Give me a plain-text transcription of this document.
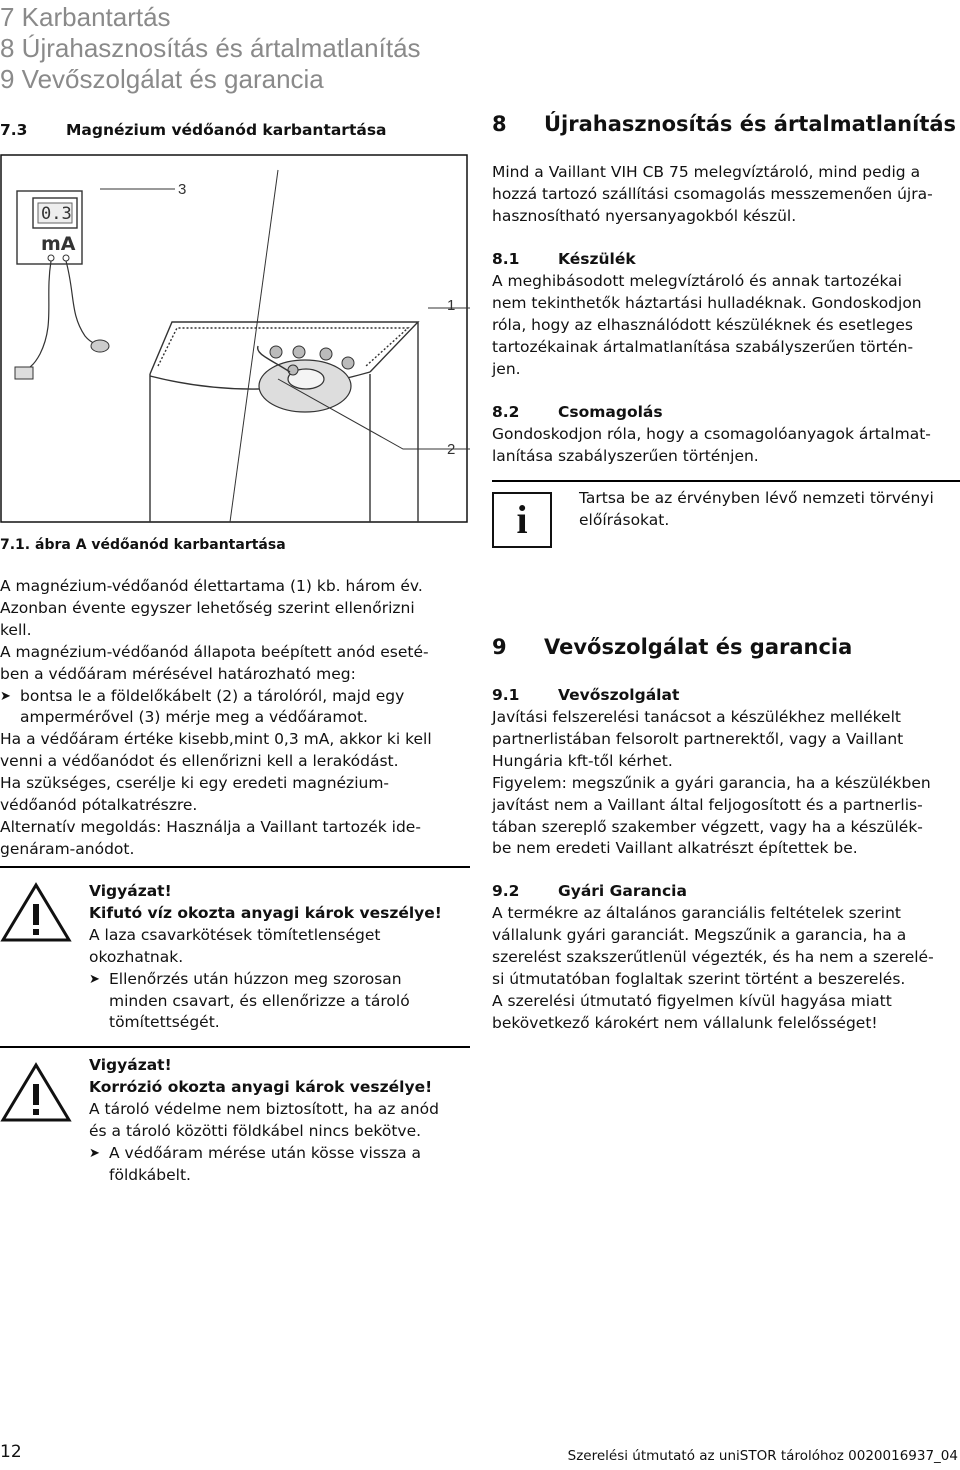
7 Karbantartás
8 Újrahasznosítás és ártalmatlanítás
9 Vevőszolgálat és garancia
7.3 Magnézium védőanód karbantartása
0.3
mA
3
1
2
7.1. ábra A védőanód karbantartása
A magnézium-védőanód élettartama (1) kb. három év.
Azonban évente egyszer lehetőség szerint ellenőrizni
kell.
A magnézium-védőanód állapota beépített anód eseté-
ben a védőáram mérésével határozható meg:
➤ bontsa le a földelőkábelt (2) a tárolóról, majd egy
ampermérővel (3) mérje meg a védőáramot.
Ha a védőáram értéke kisebb,mint 0,3 mA, akkor ki kell
venni a védőanódot és ellenőrizni kell a lerakódást.
Ha szükséges, cserélje ki egy eredeti magnézium-
védőanód pótalkatrészre.
Alternatív megoldás: Használja a Vaillant tartozék ide-
genáram-anódot.
Vigyázat!
Kifutó víz okozta anyagi károk veszélye!
A laza csavarkötések tömítetlenséget
okozhatnak.
➤ Ellenőrzés után húzzon meg szorosan
minden csavart, és ellenőrizze a tároló
tömítettségét.
Vigyázat!
Korrózió okozta anyagi károk veszélye!
A tároló védelme nem biztosított, ha az anód
és a tároló közötti földkábel nincs bekötve.
➤ A védőáram mérése után kösse vissza a
földkábelt.
8 Újrahasznosítás és ártalmatlanítás
Mind a Vaillant VIH CB 75 melegvíztároló, mind pedig a
hozzá tartozó szállítási csomagolás messzemenően újra-
hasznosítható nyersanyagokból készül.
8.1 Készülék
A meghibásodott melegvíztároló és annak tartozékai
nem tekinthetők háztartási hulladéknak. Gondoskodjon
róla, hogy az elhasználódott készüléknek és esetleges
tartozékainak ártalmatlanítása szabályszerűen történ-
jen.
8.2 Csomagolás
Gondoskodjon róla, hogy a csomagolóanyagok ártalmat-
lanítása szabályszerűen történjen.
i	Tartsa be az érvényben lévő nemzeti törvényi
előírásokat.
9 Vevőszolgálat és garancia
9.1 Vevőszolgálat
Javítási felszerelési tanácsot a készülékhez mellékelt
partnerlistában felsorolt partnerektől, vagy a Vaillant
Hungária kft-től kérhet.
Figyelem: megszűnik a gyári garancia, ha a készülékben
javítást nem a Vaillant által feljogosított és a partnerlis-
tában szereplő szakember végzett, vagy ha a készülék-
be nem eredeti Vaillant alkatrészt építettek be.
9.2 Gyári Garancia
A termékre az általános garanciális feltételek szerint
vállalunk gyári garanciát. Megszűnik a garancia, ha a
szerelést szakszerűtlenül végezték, és ha nem a szerelé-
si útmutatóban foglaltak szerint történt a beszerelés.
A szerelési útmutató figyelmen kívül hagyása miatt
bekövetkező károkért nem vállalunk felelősséget!
12	Szerelési útmutató az uniSTOR tárolóhoz 0020016937_04
